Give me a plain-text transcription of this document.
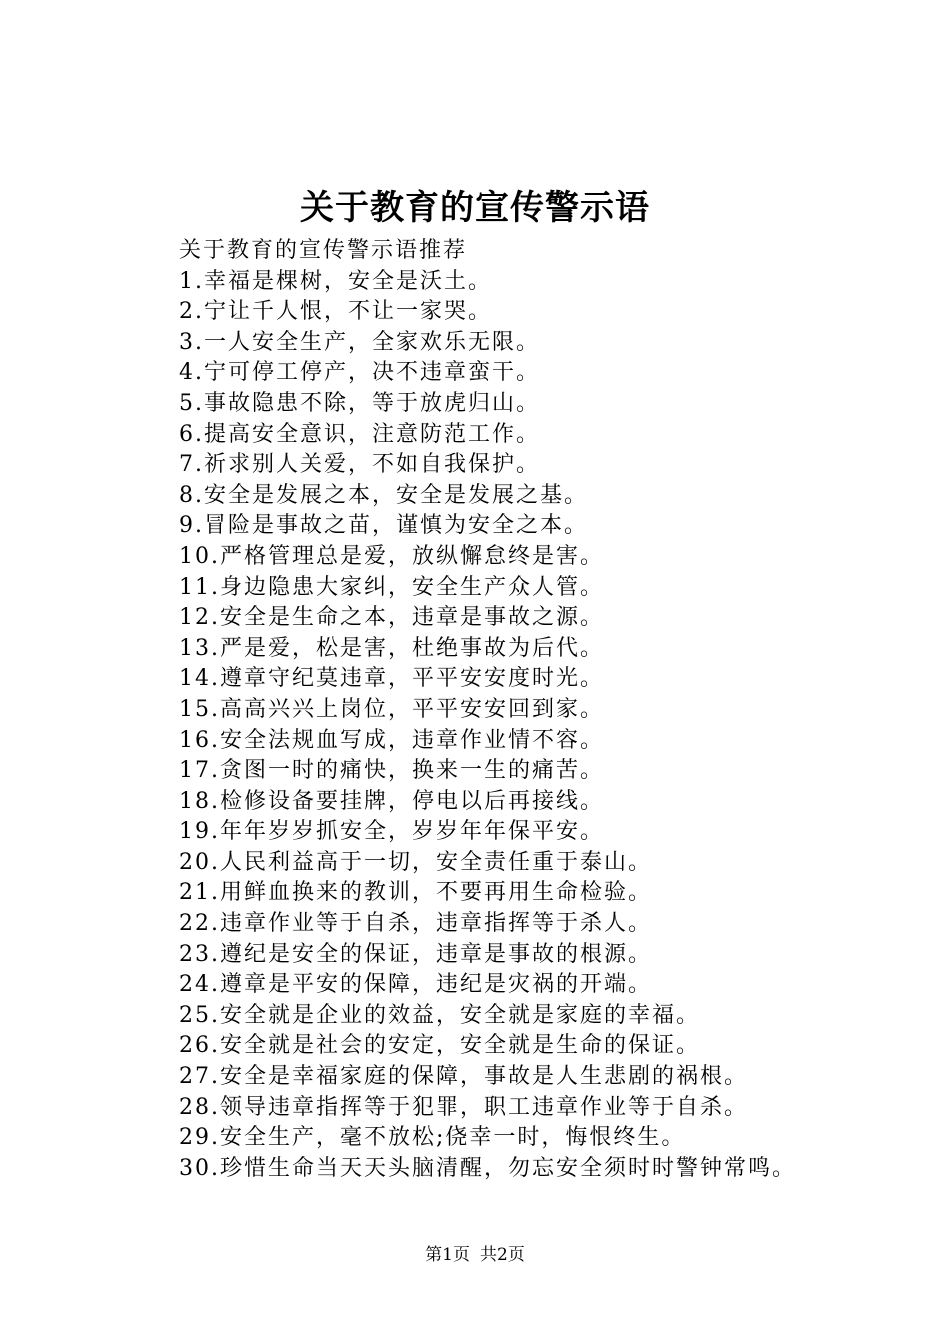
关于教育的宣传警示语
关于教育的宣传警示语推荐
1.幸福是棵树，安全是沃土。
2.宁让千人恨，不让一家哭。
3.一人安全生产，全家欢乐无限。
4.宁可停工停产，决不违章蛮干。
5.事故隐患不除，等于放虎归山。
6.提高安全意识，注意防范工作。
7.祈求别人关爱，不如自我保护。
8.安全是发展之本，安全是发展之基。
9.冒险是事故之苗，谨慎为安全之本。
10.严格管理总是爱，放纵懈怠终是害。
11.身边隐患大家纠，安全生产众人管。
12.安全是生命之本，违章是事故之源。
13.严是爱，松是害，杜绝事故为后代。
14.遵章守纪莫违章，平平安安度时光。
15.高高兴兴上岗位，平平安安回到家。
16.安全法规血写成，违章作业情不容。
17.贪图一时的痛快，换来一生的痛苦。
18.检修设备要挂牌，停电以后再接线。
19.年年岁岁抓安全，岁岁年年保平安。
20.人民利益高于一切，安全责任重于泰山。
21.用鲜血换来的教训，不要再用生命检验。
22.违章作业等于自杀，违章指挥等于杀人。
23.遵纪是安全的保证，违章是事故的根源。
24.遵章是平安的保障，违纪是灾祸的开端。
25.安全就是企业的效益，安全就是家庭的幸福。
26.安全就是社会的安定，安全就是生命的保证。
27.安全是幸福家庭的保障，事故是人生悲剧的祸根。
28.领导违章指挥等于犯罪，职工违章作业等于自杀。
29.安全生产，毫不放松;侥幸一时，悔恨终生。
30.珍惜生命当天天头脑清醒，勿忘安全须时时警钟常鸣。
第1页 共2页
